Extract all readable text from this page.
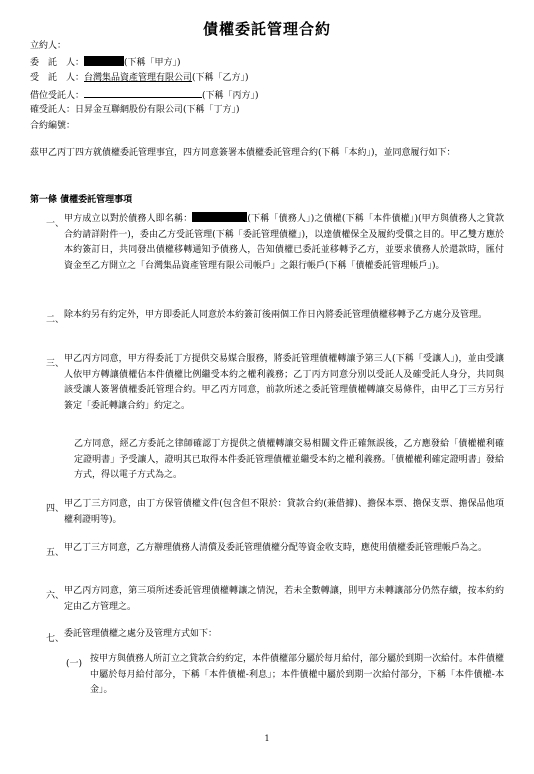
債權委託管理合約
立約人：
委　託　人：	(下稱「甲方」)
受　託　人：台灣集品資產管理有限公司(下稱「乙方」)
借位受託人：	(下稱「丙方」)
確受託人：日昇金互聯網股份有限公司(下稱「丁方」)
合約編號：
茲甲乙丙丁四方就債權委託管理事宜，四方同意簽署本債權委託管理合約(下稱「本約」)，並同意履行如下：
第一條 債權委託管理事項
一、 甲方成立以對於債務人即名稱：	(下稱「債務人」)之債權(下稱「本件債權」)(甲方與債務人之貸款合約請詳附件一)，委由乙方受託管理(下稱「委託管理債權」)，以達債權保全及履約受償之目的。甲乙雙方應於本約簽訂日，共同發出債權移轉通知予債務人，告知債權已委託並移轉予乙方，並要求債務人於還款時，匯付資金至乙方開立之「台灣集品資產管理有限公司帳戶」之銀行帳戶(下稱「債權委託管理帳戶」)。
二、 除本約另有約定外，甲方即委託人同意於本約簽訂後兩個工作日內將委託管理債權移轉予乙方處分及管理。
三、 甲乙丙方同意，甲方得委託丁方提供交易媒合服務，將委託管理債權轉讓予第三人(下稱「受讓人」)，並由受讓人依甲方轉讓債權佔本件債權比例繼受本約之權利義務；乙丁丙方同意分別以受託人及確受託人身分，共同與該受讓人簽署債權委託管理合約。甲乙丙方同意，前款所述之委託管理債權轉讓交易條件，由甲乙丁三方另行簽定「委託轉讓合約」約定之。
乙方同意，經乙方委託之律師確認丁方提供之債權轉讓交易相關文件正確無誤後，乙方應發給「債權權利確定證明書」予受讓人，證明其已取得本件委託管理債權並繼受本約之權利義務。「債權權利確定證明書」發給方式，得以電子方式為之。
四、 甲乙丁三方同意，由丁方保管債權文件(包含但不限於：貸款合約(兼借據)、擔保本票、擔保支票、擔保品他項權利證明等)。
五、 甲乙丁三方同意，乙方辦理債務人清償及委託管理債權分配等資金收支時，應使用債權委託管理帳戶為之。
六、 甲乙丙方同意，第三項所述委託管理債權轉讓之情況，若未全數轉讓，則甲方未轉讓部分仍然存續，按本約約定由乙方管理之。
七、 委託管理債權之處分及管理方式如下：
(一) 按甲方與債務人所訂立之貸款合約約定，本件債權部分屬於每月給付，部分屬於到期一次給付。本件債權中屬於每月給付部分，下稱「本件債權-利息」；本件債權中屬於到期一次給付部分，下稱「本件債權-本金」。
1
